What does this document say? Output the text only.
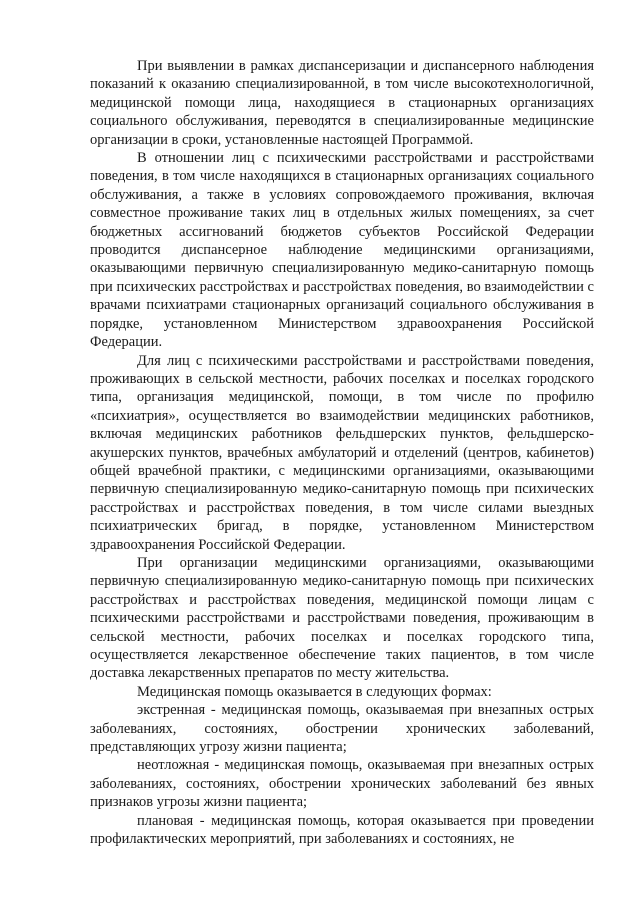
При выявлении в рамках диспансеризации и диспансерного наблюдения показаний к оказанию специализированной, в том числе высокотехнологичной, медицинской помощи лица, находящиеся в стационарных организациях социального обслуживания, переводятся в специализированные медицинские организации в сроки, установленные настоящей Программой.

В отношении лиц с психическими расстройствами и расстройствами поведения, в том числе находящихся в стационарных организациях социального обслуживания, а также в условиях сопровождаемого проживания, включая совместное проживание таких лиц в отдельных жилых помещениях, за счет бюджетных ассигнований бюджетов субъектов Российской Федерации проводится диспансерное наблюдение медицинскими организациями, оказывающими первичную специализированную медико-санитарную помощь при психических расстройствах и расстройствах поведения, во взаимодействии с врачами психиатрами стационарных организаций социального обслуживания в порядке, установленном Министерством здравоохранения Российской Федерации.

Для лиц с психическими расстройствами и расстройствами поведения, проживающих в сельской местности, рабочих поселках и поселках городского типа, организация медицинской, помощи, в том числе по профилю «психиатрия», осуществляется во взаимодействии медицинских работников, включая медицинских работников фельдшерских пунктов, фельдшерско-акушерских пунктов, врачебных амбулаторий и отделений (центров, кабинетов) общей врачебной практики, с медицинскими организациями, оказывающими первичную специализированную медико-санитарную помощь при психических расстройствах и расстройствах поведения, в том числе силами выездных психиатрических бригад, в порядке, установленном Министерством здравоохранения Российской Федерации.

При организации медицинскими организациями, оказывающими первичную специализированную медико-санитарную помощь при психических расстройствах и расстройствах поведения, медицинской помощи лицам с психическими расстройствами и расстройствами поведения, проживающим в сельской местности, рабочих поселках и поселках городского типа, осуществляется лекарственное обеспечение таких пациентов, в том числе доставка лекарственных препаратов по месту жительства.

Медицинская помощь оказывается в следующих формах:

экстренная - медицинская помощь, оказываемая при внезапных острых заболеваниях, состояниях, обострении хронических заболеваний, представляющих угрозу жизни пациента;

неотложная - медицинская помощь, оказываемая при внезапных острых заболеваниях, состояниях, обострении хронических заболеваний без явных признаков угрозы жизни пациента;

плановая - медицинская помощь, которая оказывается при проведении профилактических мероприятий, при заболеваниях и состояниях, не
